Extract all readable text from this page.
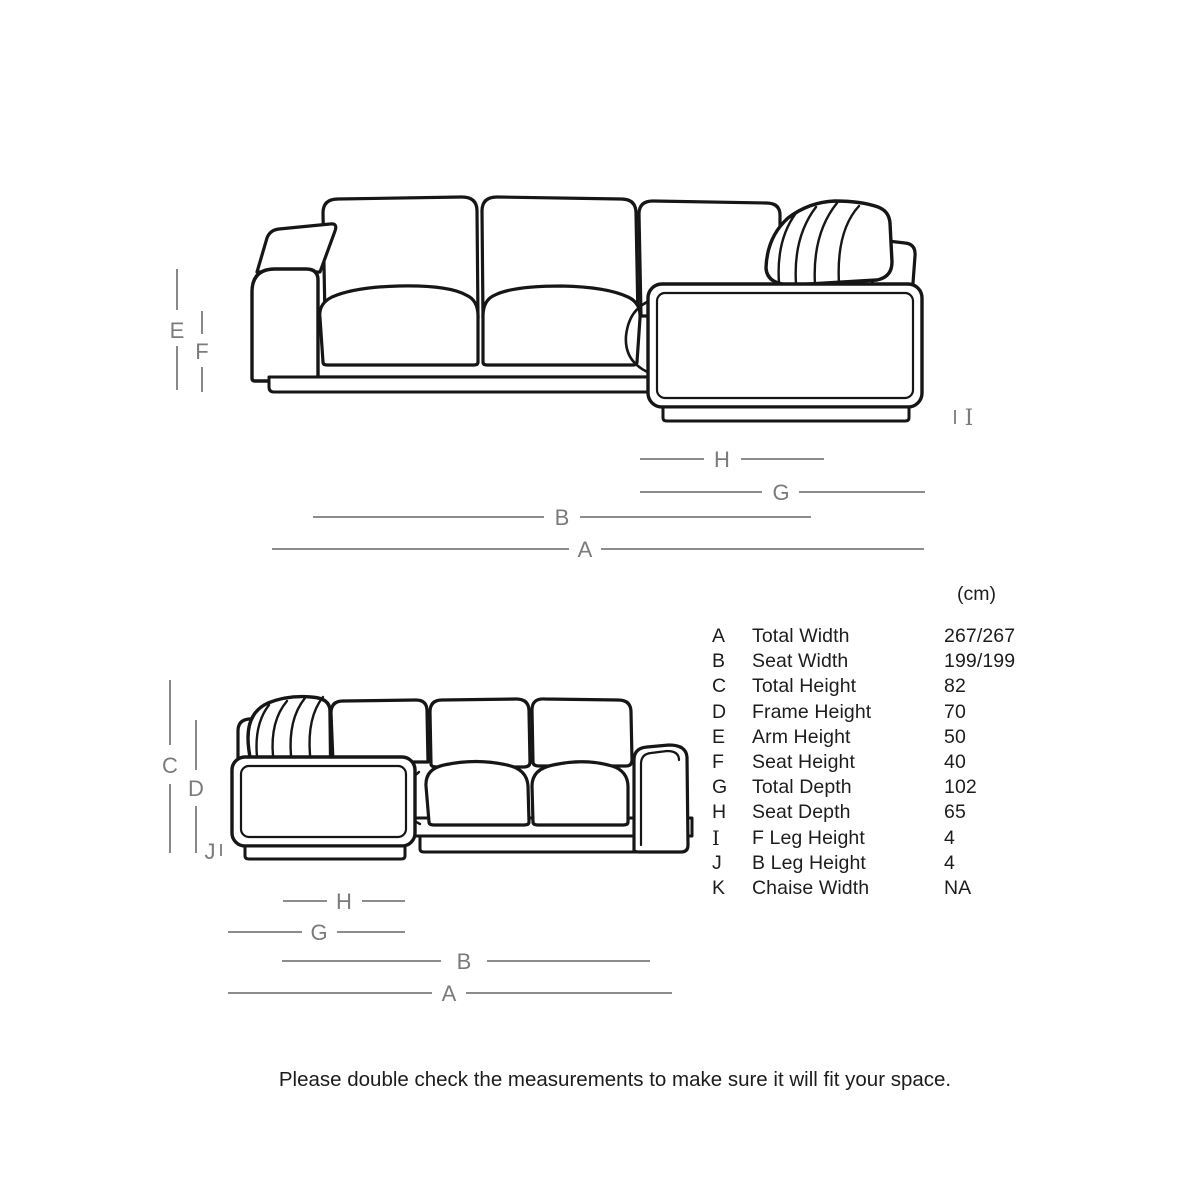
E
F
I
H
G
B
A
C
D
J
H
G
B
A
(cm)
A	Total Width	267/267
B	Seat Width	199/199
C	Total Height	82
D	Frame Height	70
E	Arm Height	50
F	Seat Height	40
G	Total Depth	102
H	Seat Depth	65
I	F Leg Height	4
J	B Leg Height	4
K	Chaise Width	NA
Please double check the measurements to make sure it will fit your space.
